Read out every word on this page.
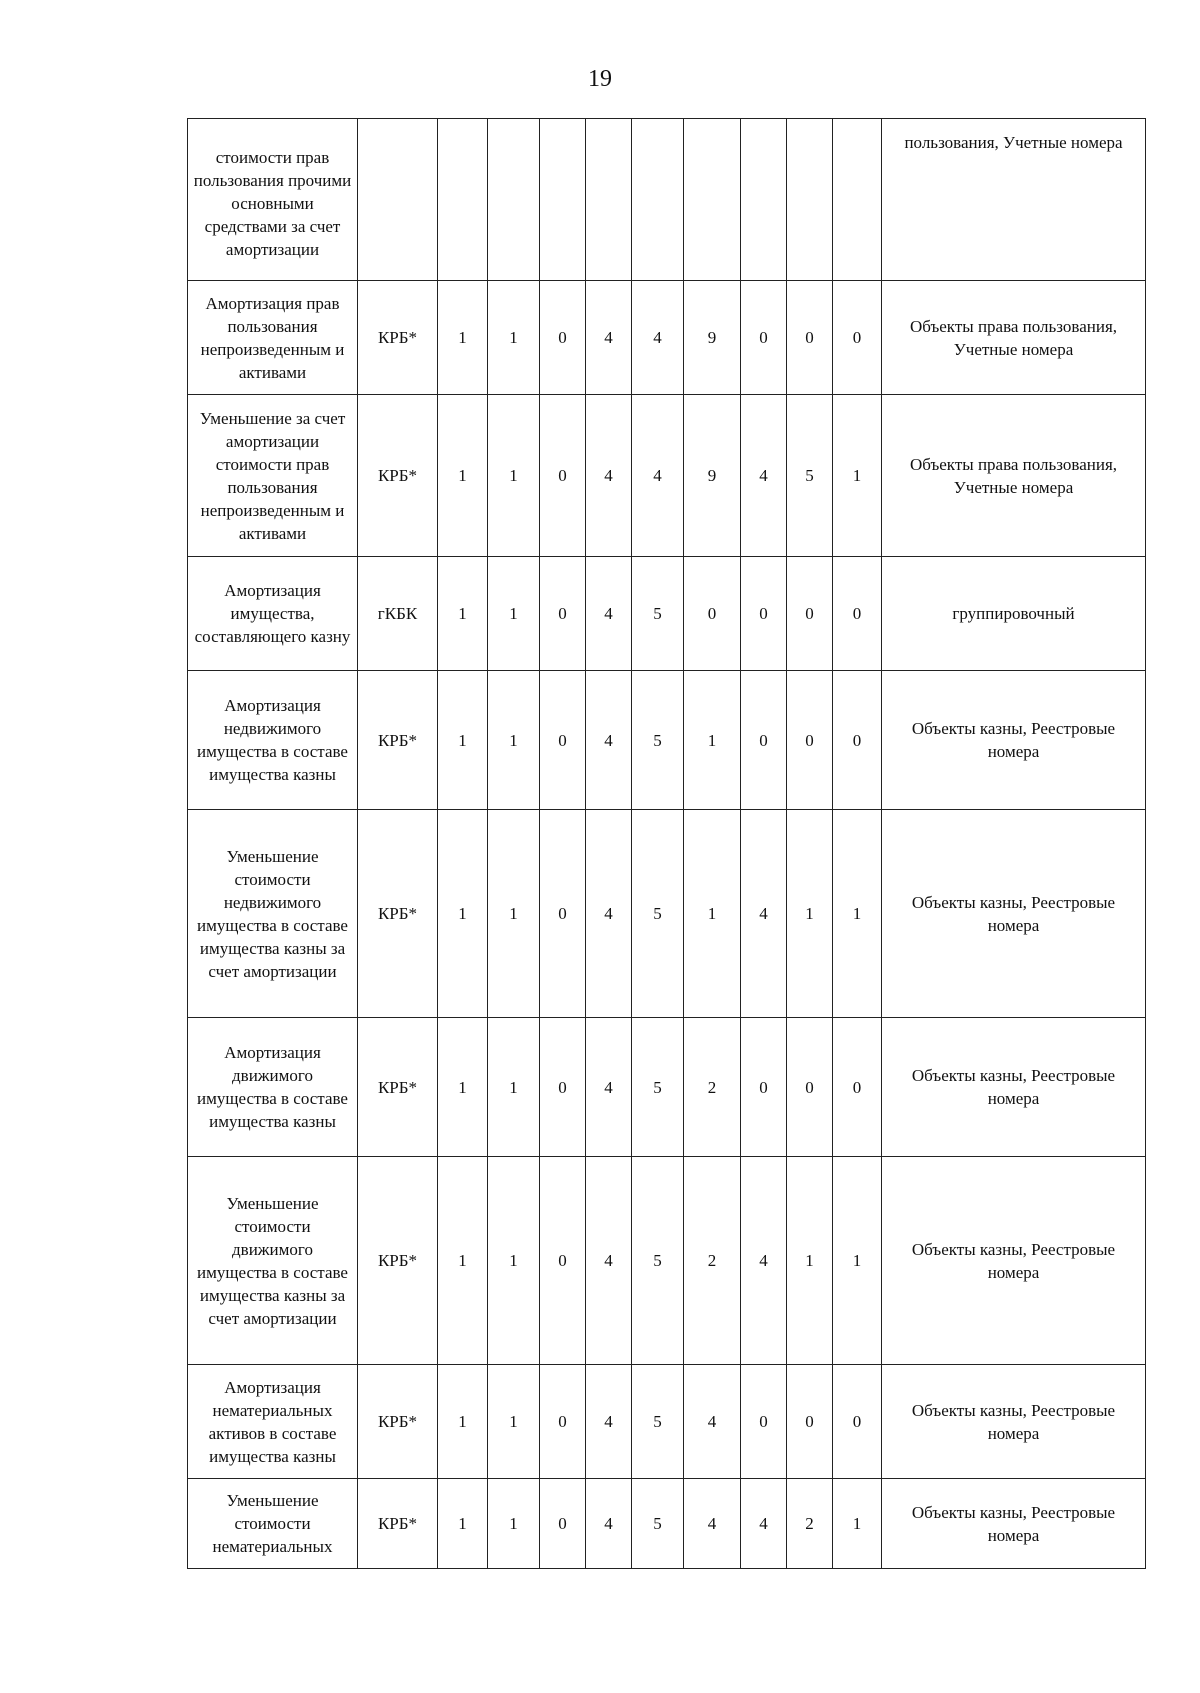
19
стоимости прав пользования прочими основными средствами за счет амортизации											пользования, Учетные номера
Амортизация прав пользования непроизведенным и активами	КРБ*	1	1	0	4	4	9	0	0	0	Объекты права пользования, Учетные номера
Уменьшение за счет амортизации стоимости прав пользования непроизведенным и активами	КРБ*	1	1	0	4	4	9	4	5	1	Объекты права пользования, Учетные номера
Амортизация имущества, составляющего казну	гКБК	1	1	0	4	5	0	0	0	0	группировочный
Амортизация недвижимого имущества в составе имущества казны	КРБ*	1	1	0	4	5	1	0	0	0	Объекты казны, Реестровые номера
Уменьшение стоимости недвижимого имущества в составе имущества казны за счет амортизации	КРБ*	1	1	0	4	5	1	4	1	1	Объекты казны, Реестровые номера
Амортизация движимого имущества в составе имущества казны	КРБ*	1	1	0	4	5	2	0	0	0	Объекты казны, Реестровые номера
Уменьшение стоимости движимого имущества в составе имущества казны за счет амортизации	КРБ*	1	1	0	4	5	2	4	1	1	Объекты казны, Реестровые номера
Амортизация нематериальных активов в составе имущества казны	КРБ*	1	1	0	4	5	4	0	0	0	Объекты казны, Реестровые номера
Уменьшение стоимости нематериальных	КРБ*	1	1	0	4	5	4	4	2	1	Объекты казны, Реестровые номера
